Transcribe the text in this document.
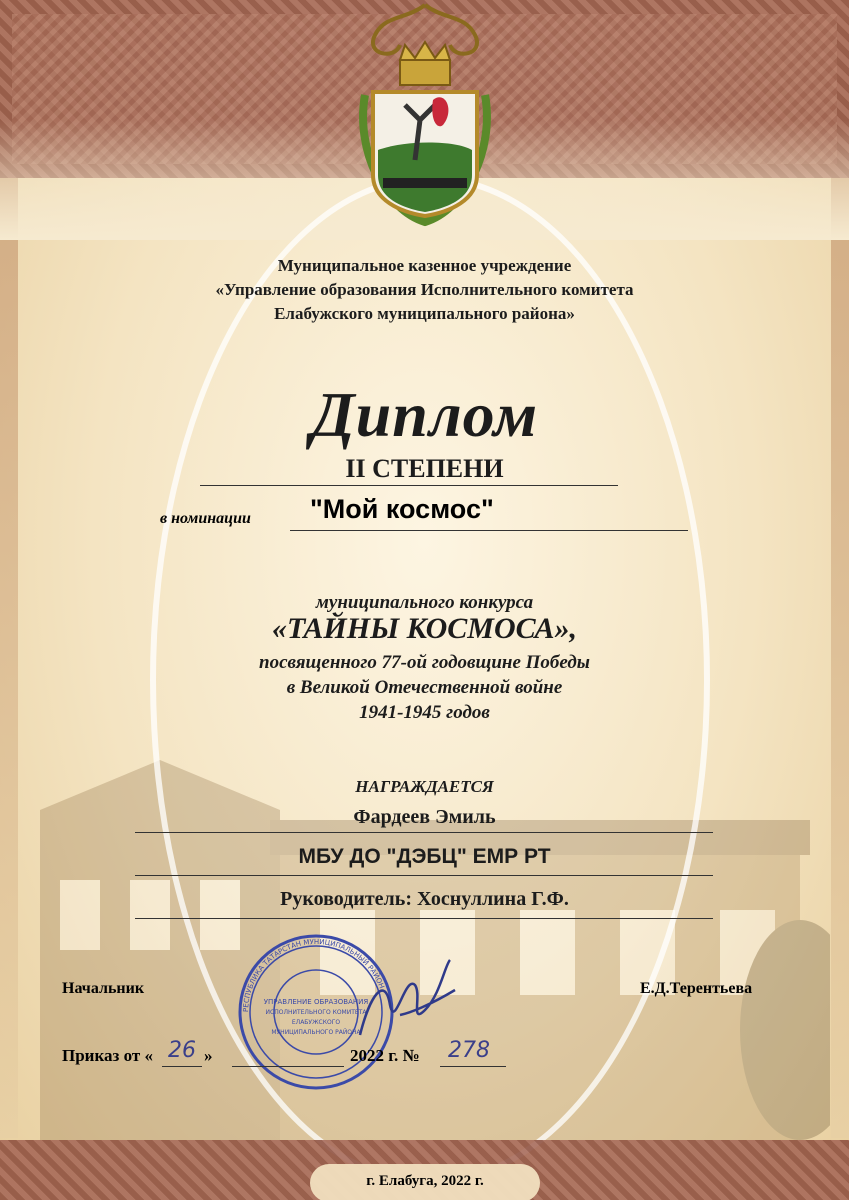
Муниципальное казенное учреждение
«Управление образования Исполнительного комитета
Елабужского муниципального района»
Диплом
II СТЕПЕНИ
в номинации "Мой космос"
муниципального конкурса
«ТАЙНЫ КОСМОСА»,
посвященного 77-ой годовщине Победы
в Великой Отечественной войне
1941-1945 годов
НАГРАЖДАЕТСЯ
Фардеев Эмиль
МБУ ДО "ДЭБЦ" ЕМР РТ
Руководитель: Хоснуллина Г.Ф.
Начальник	Е.Д.Терентьева
УПРАВЛЕНИЕ ОБРАЗОВАНИЯ
ИСПОЛНИТЕЛЬНОГО КОМИТЕТА
ЕЛАБУЖСКОГО
МУНИЦИПАЛЬНОГО РАЙОНА
РЕСПУБЛИКА ТАТАРСТАН МУНИЦИПАЛЬНЫЙ РАЙОН
Приказ от « 26 »	2022 г. № 278
г. Елабуга, 2022 г.
